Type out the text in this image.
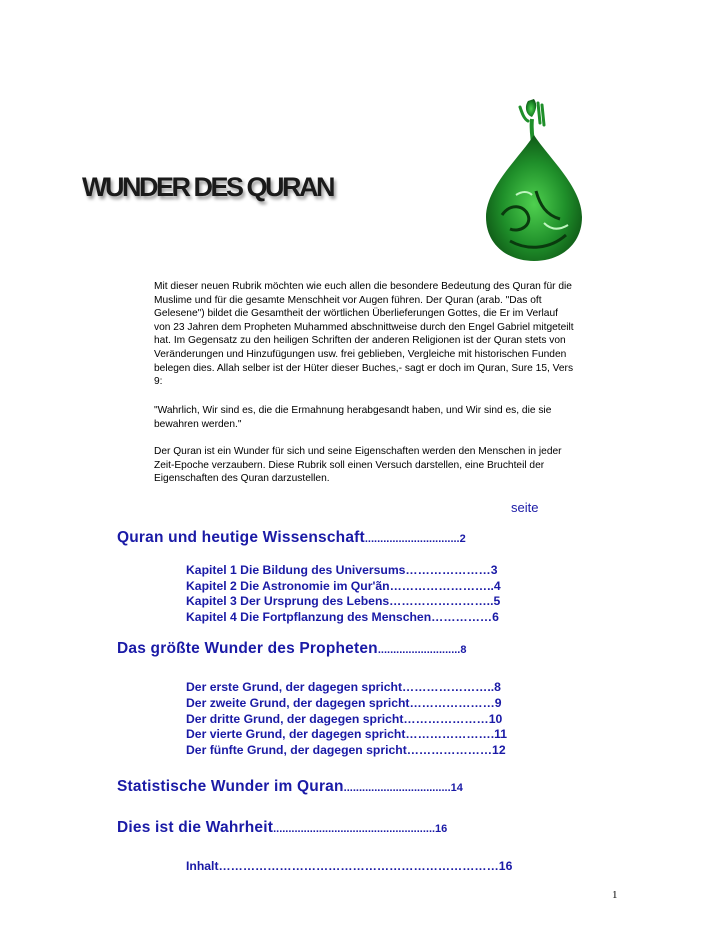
WUNDER DES QURAN

Mit dieser neuen Rubrik möchten wie euch allen die besondere Bedeutung des Quran für die Muslime und für die gesamte Menschheit vor Augen führen. Der Quran (arab. "Das oft Gelesene") bildet die Gesamtheit der wörtlichen Überlieferungen Gottes, die Er im Verlauf von 23 Jahren dem Propheten Muhammed abschnittweise durch den Engel Gabriel mitgeteilt hat. Im Gegensatz zu den heiligen Schriften der anderen Religionen ist der Quran stets von Veränderungen und Hinzufügungen usw. frei geblieben, Vergleiche mit historischen Funden belegen dies. Allah selber ist der Hüter dieser Buches,- sagt er doch im Quran, Sure 15, Vers 9:

"Wahrlich, Wir sind es, die die Ermahnung herabgesandt haben, und Wir sind es, die sie bewahren werden."

Der Quran ist ein Wunder für sich und seine Eigenschaften werden den Menschen in jeder Zeit-Epoche verzaubern. Diese Rubrik soll einen Versuch darstellen, eine Bruchteil der Eigenschaften des Quran darzustellen.

seite
Quran und heutige Wissenschaft...............................2
Kapitel 1 Die Bildung des Universums…………………3
Kapitel 2 Die Astronomie im Qur'ãn……………………..4
Kapitel 3 Der Ursprung des Lebens……………………..5
Kapitel 4 Die Fortpflanzung des Menschen……………6
Das größte Wunder des Propheten...........................8
Der erste Grund, der dagegen spricht…………………..8
Der zweite Grund, der dagegen spricht…………………9
Der dritte Grund, der dagegen spricht…………………10
Der vierte Grund, der dagegen spricht………………….11
Der fünfte Grund, der dagegen spricht…………………12
Statistische Wunder im Quran...................................14
Dies ist die Wahrheit.....................................................16
Inhalt……………………………………………………………16
1
